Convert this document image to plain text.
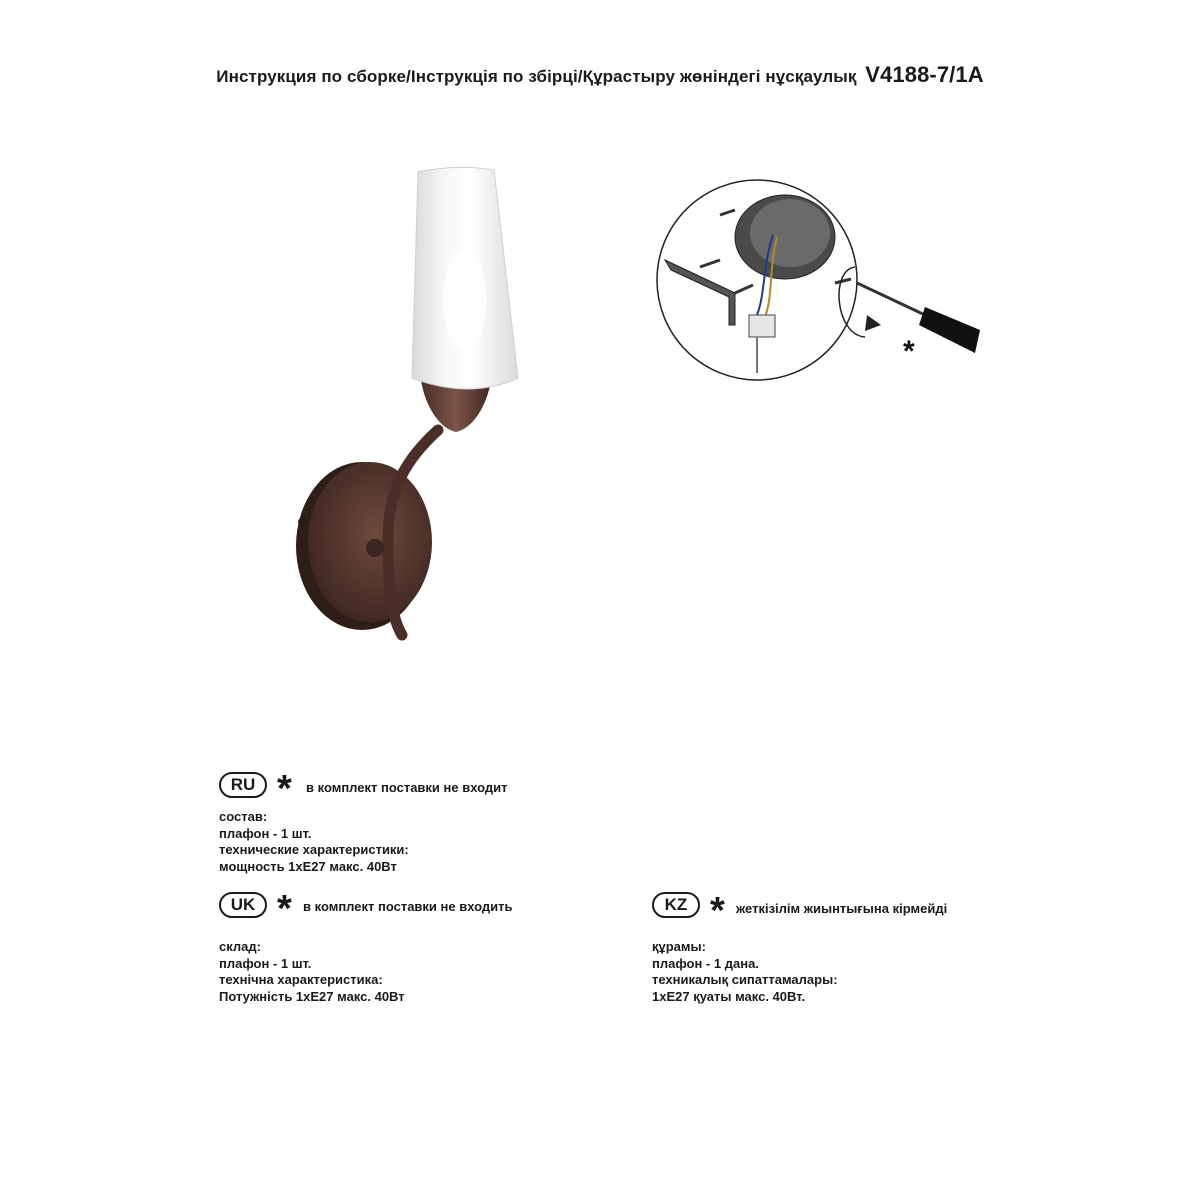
Инструкция по сборке/Інструкція по збірці/Құрастыру жөніндегі нұсқаулық V4188-7/1A
*
RU * в комплект поставки не входит
состав:
плафон - 1 шт.
технические характеристики:
мощность 1хE27 макс. 40Вт
UK * в комплект поставки не входить
склад:
плафон - 1 шт.
технічна характеристика:
Потужність 1хE27 макс. 40Вт
KZ * жеткізілім жиынтығына кірмейді
құрамы:
плафон - 1 дана.
техникалық сипаттамалары:
1хE27 қуаты макс. 40Вт.
